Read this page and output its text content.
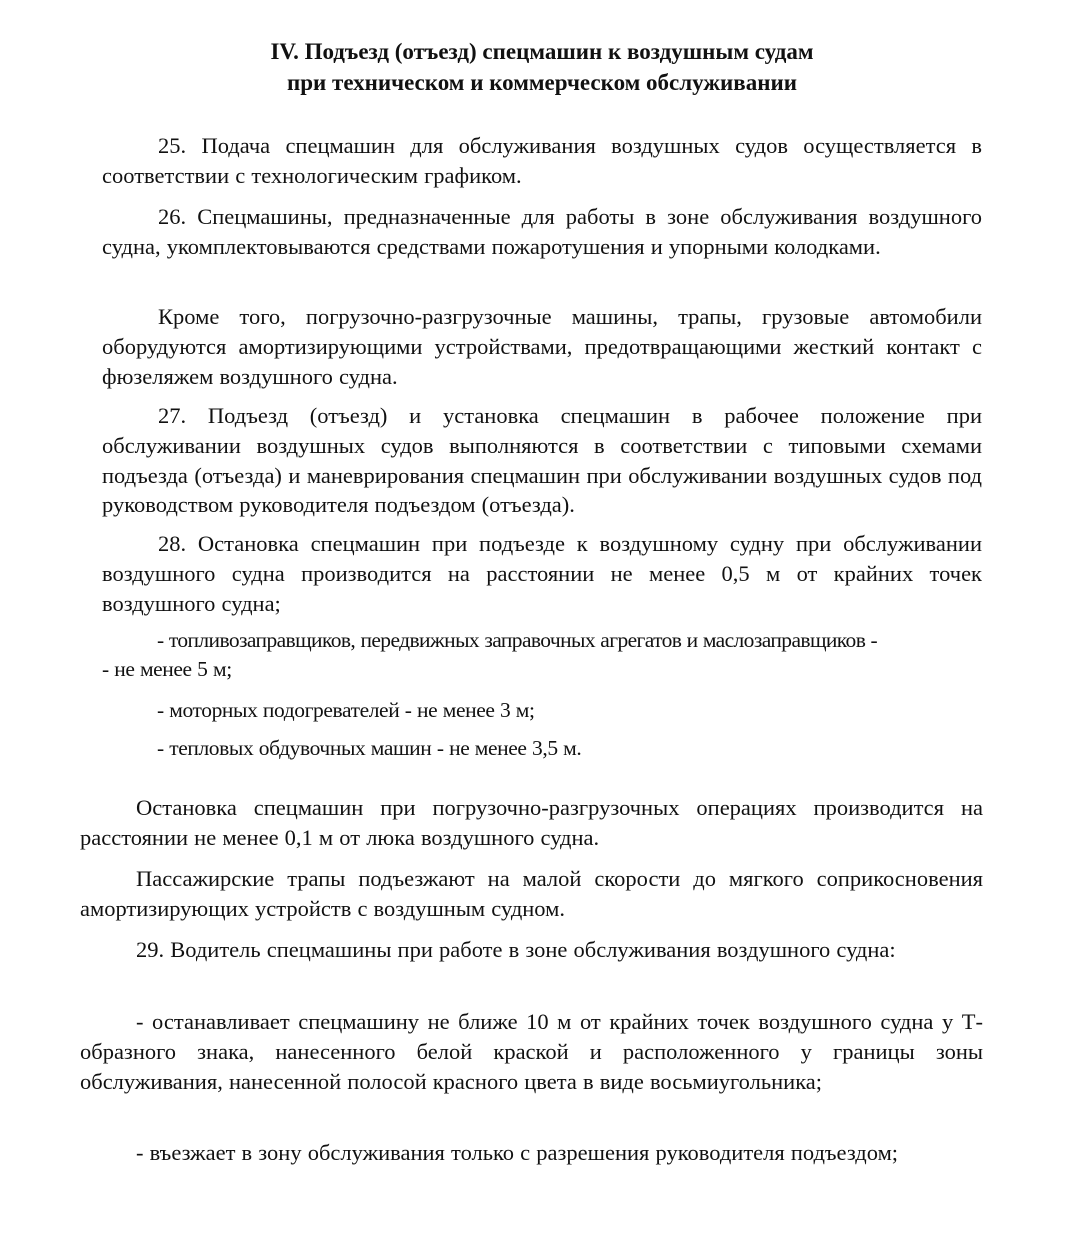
IV. Подъезд (отъезд) спецмашин к воздушным судам
при техническом и коммерческом обслуживании
25. Подача спецмашин для обслуживания воздушных судов осуществляется в соответствии с технологическим графиком.
26. Спецмашины, предназначенные для работы в зоне обслуживания воздушного судна, укомплектовываются средствами пожаротушения и упорными колодками.
Кроме того, погрузочно-разгрузочные машины, трапы, грузовые автомобили оборудуются амортизирующими устройствами, предотвращающими жесткий контакт с фюзеляжем воздушного судна.
27. Подъезд (отъезд) и установка спецмашин в рабочее положение при обслуживании воздушных судов выполняются в соответствии с типовыми схемами подъезда (отъезда) и маневрирования спецмашин при обслуживании воздушных судов под руководством руководителя подъездом (отъезда).
28. Остановка спецмашин при подъезде к воздушному судну при обслуживании воздушного судна производится на расстоянии не менее 0,5 м от крайних точек воздушного судна;
- топливозаправщиков, передвижных заправочных агрегатов и маслозаправщиков -
- не менее 5 м;
- моторных подогревателей - не менее 3 м;
- тепловых обдувочных машин - не менее 3,5 м.
Остановка спецмашин при погрузочно-разгрузочных операциях производится на расстоянии не менее 0,1 м от люка воздушного судна.
Пассажирские трапы подъезжают на малой скорости до мягкого соприкосновения амортизирующих устройств с воздушным судном.
29. Водитель спецмашины при работе в зоне обслуживания воздушного судна:
- останавливает спецмашину не ближе 10 м от крайних точек воздушного судна у Т-образного знака, нанесенного белой краской и расположенного у границы зоны обслуживания, нанесенной полосой красного цвета в виде восьмиугольника;
- въезжает в зону обслуживания только с разрешения руководителя подъездом;
